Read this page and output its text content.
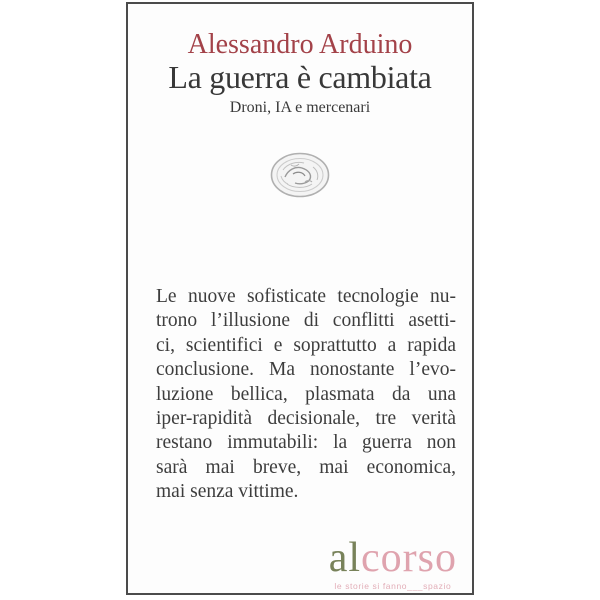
Alessandro Arduino
La guerra è cambiata
Droni, IA e mercenari
Le nuove sofisticate tecnologie nu-
trono l’illusione di conflitti asetti-
ci, scientifici e soprattutto a rapida
conclusione. Ma nonostante l’evo-
luzione bellica, plasmata da una
iper-rapidità decisionale, tre verità
restano immutabili: la guerra non
sarà mai breve, mai economica,
mai senza vittime.
alcorso
le storie si fanno___spazio
